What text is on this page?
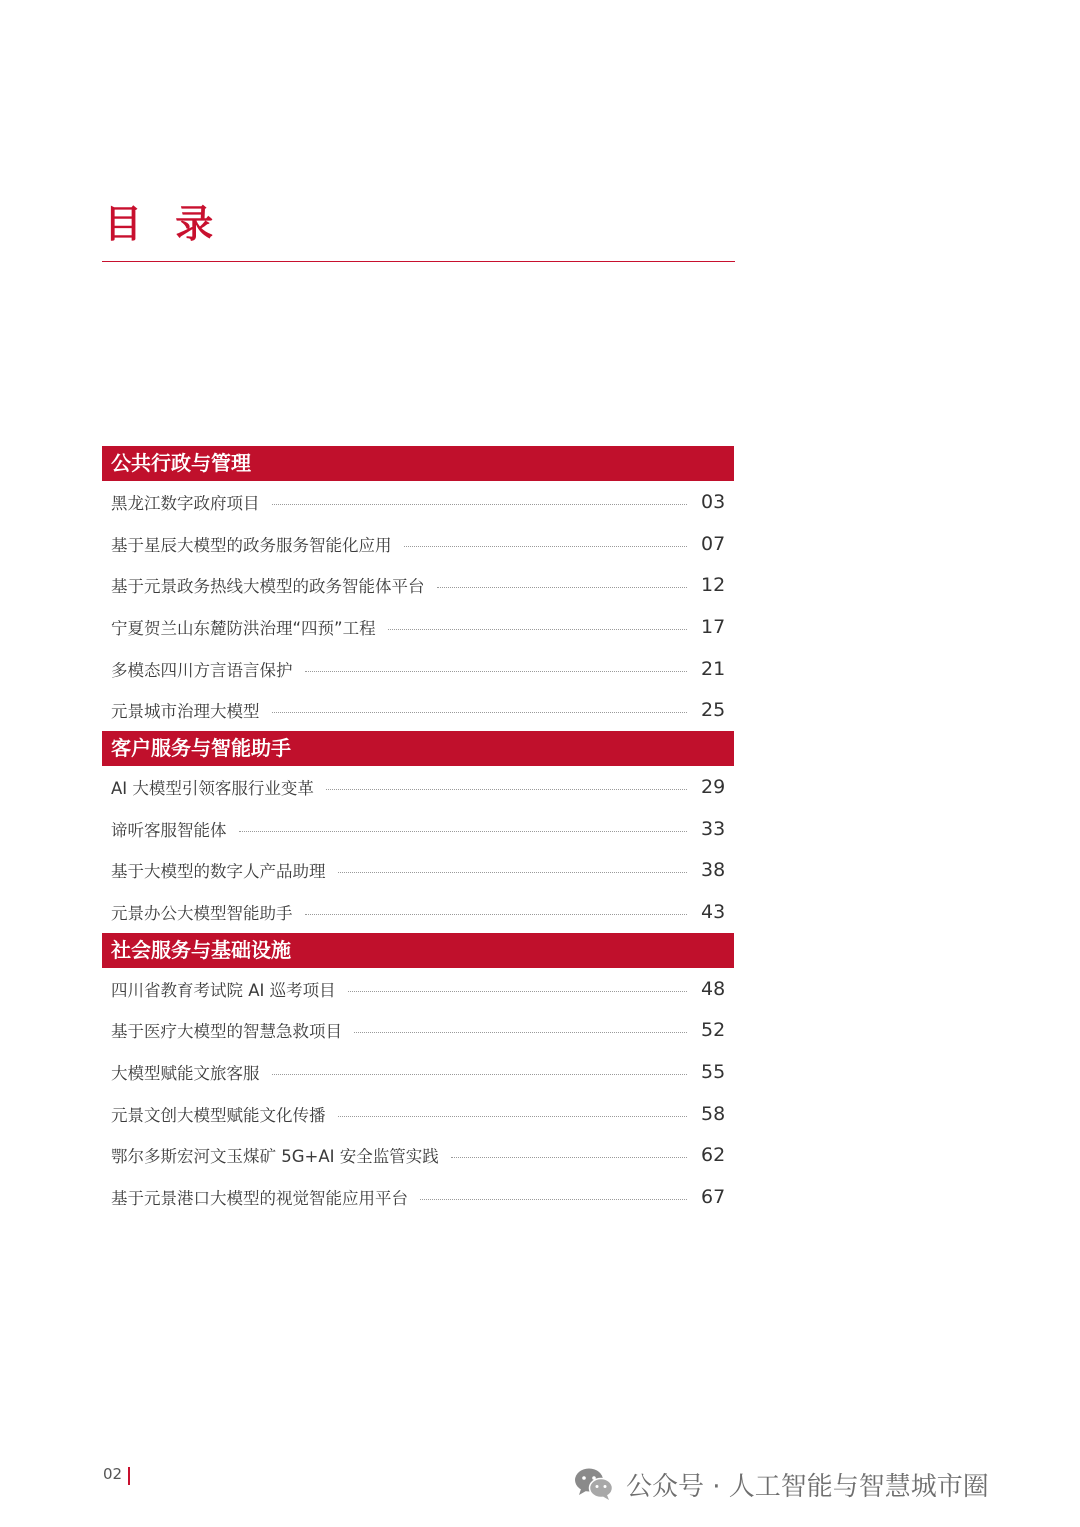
目 录
公共行政与管理
黑龙江数字政府项目	03
基于星辰大模型的政务服务智能化应用	07
基于元景政务热线大模型的政务智能体平台	12
宁夏贺兰山东麓防洪治理“四预”工程	17
多模态四川方言语言保护	21
元景城市治理大模型	25
客户服务与智能助手
AI 大模型引领客服行业变革	29
谛听客服智能体	33
基于大模型的数字人产品助理	38
元景办公大模型智能助手	43
社会服务与基础设施
四川省教育考试院 AI 巡考项目	48
基于医疗大模型的智慧急救项目	52
大模型赋能文旅客服	55
元景文创大模型赋能文化传播	58
鄂尔多斯宏河文玉煤矿 5G+AI 安全监管实践	62
基于元景港口大模型的视觉智能应用平台	67
02	公众号 · 人工智能与智慧城市圈
